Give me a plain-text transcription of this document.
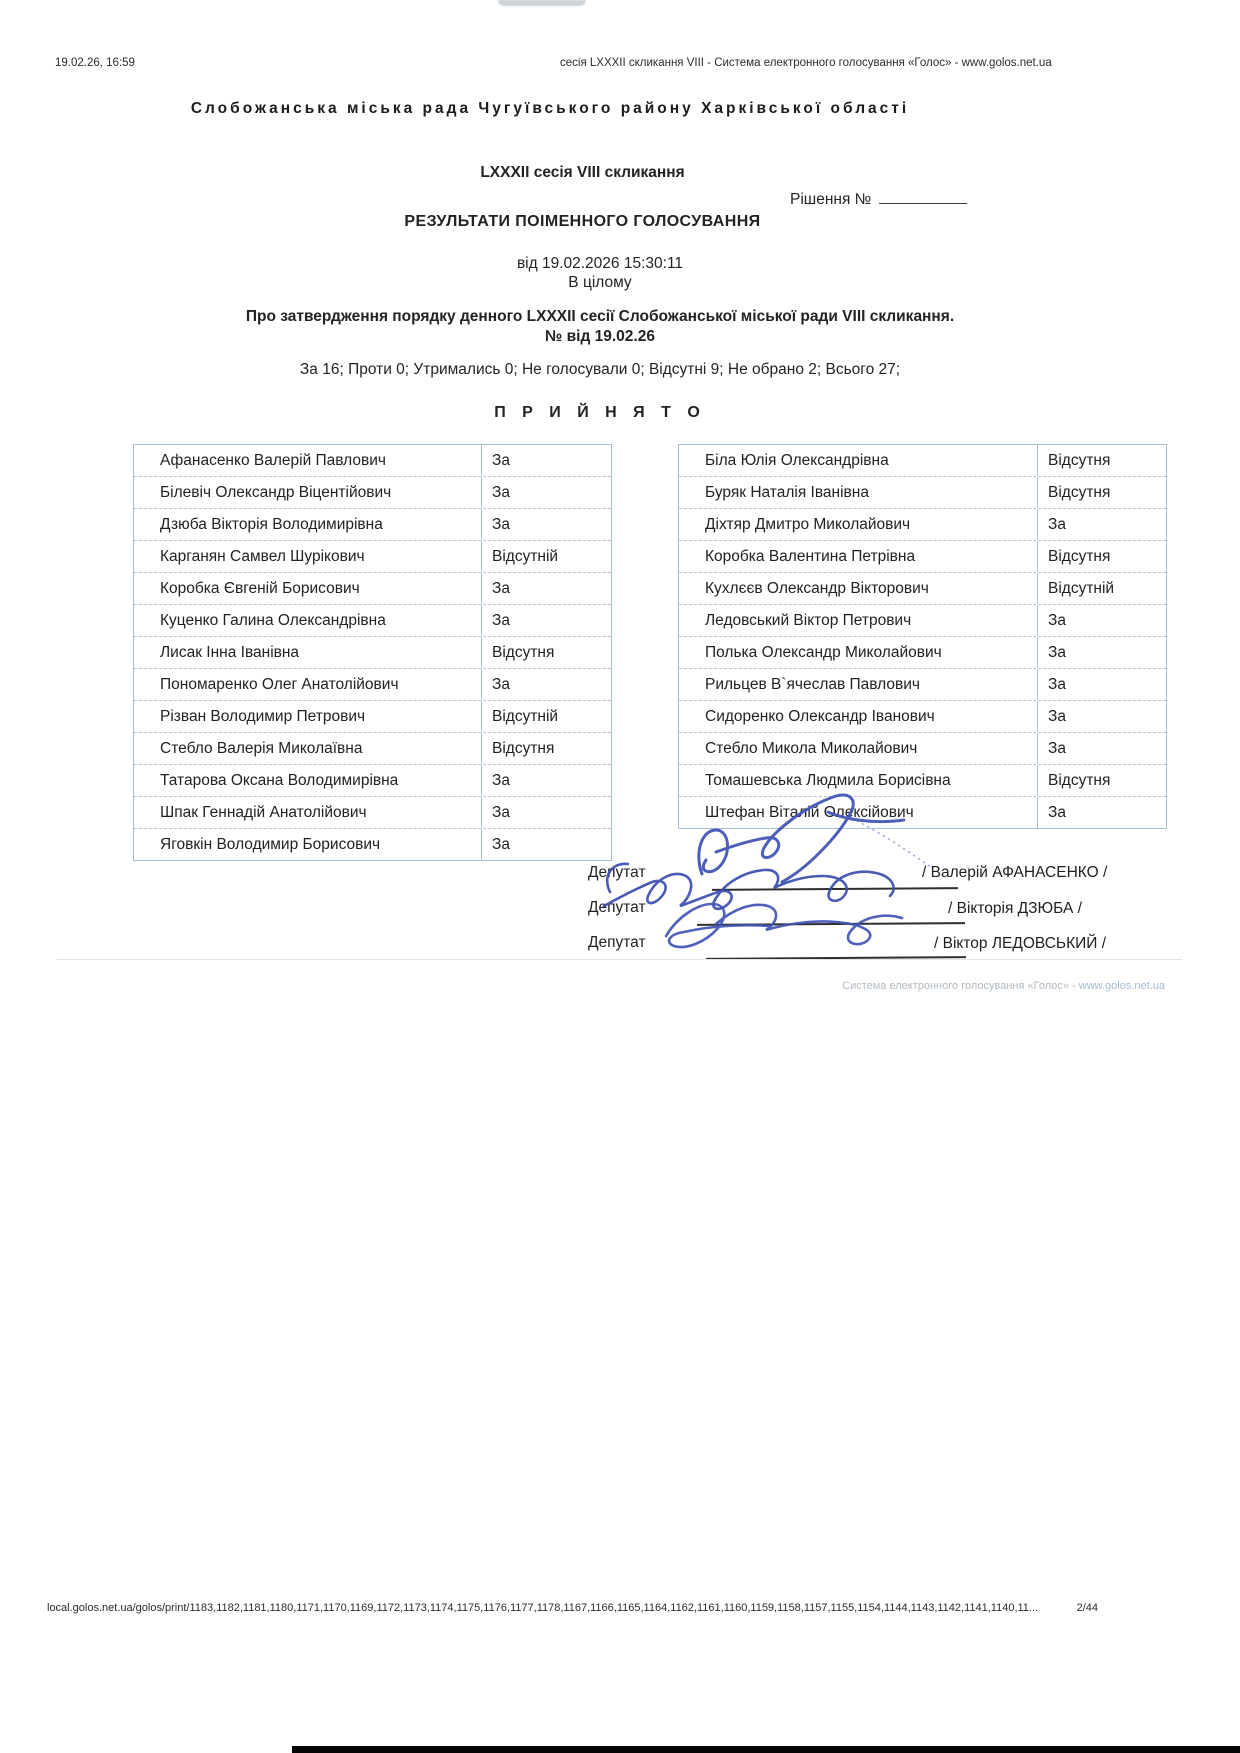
19.02.26, 16:59	сесія LXXXII скликання VIII - Система електронного голосування «Голос» - www.golos.net.ua
Слобожанська міська рада Чугуївського району Харківської області
LXXXII сесія VIII скликання
Рішення №
РЕЗУЛЬТАТИ ПОІМЕННОГО ГОЛОСУВАННЯ
від 19.02.2026 15:30:11
В цілому
Про затвердження порядку денного LXXXII сесії Слобожанської міської ради VIII скликання.
№ від 19.02.26
За 16; Проти 0; Утримались 0; Не голосували 0; Відсутні 9; Не обрано 2; Всього 27;
П Р И Й Н Я Т О
Афанасенко Валерій Павлович	За
Білевіч Олександр Віцентійович	За
Дзюба Вікторія Володимирівна	За
Карганян Самвел Шурікович	Відсутній
Коробка Євгеній Борисович	За
Куценко Галина Олександрівна	За
Лисак Інна Іванівна	Відсутня
Пономаренко Олег Анатолійович	За
Різван Володимир Петрович	Відсутній
Стебло Валерія Миколаївна	Відсутня
Татарова Оксана Володимирівна	За
Шпак Геннадій Анатолійович	За
Яговкін Володимир Борисович	За
Біла Юлія Олександрівна	Відсутня
Буряк Наталія Іванівна	Відсутня
Діхтяр Дмитро Миколайович	За
Коробка Валентина Петрівна	Відсутня
Кухлєєв Олександр Вікторович	Відсутній
Ледовський Віктор Петрович	За
Полька Олександр Миколайович	За
Рильцев В`ячеслав Павлович	За
Сидоренко Олександр Іванович	За
Стебло Микола Миколайович	За
Томашевська Людмила Борисівна	Відсутня
Штефан Віталій Олексійович	За
Депутат
Депутат
Депутат
/ Валерій АФАНАСЕНКО /
/ Вікторія ДЗЮБА /
/ Віктор ЛЕДОВСЬКИЙ /
Система електронного голосування «Голос» - www.golos.net.ua
local.golos.net.ua/golos/print/1183,1182,1181,1180,1171,1170,1169,1172,1173,1174,1175,1176,1177,1178,1167,1166,1165,1164,1162,1161,1160,1159,1158,1157,1155,1154,1144,1143,1142,1141,1140,11...	2/44
